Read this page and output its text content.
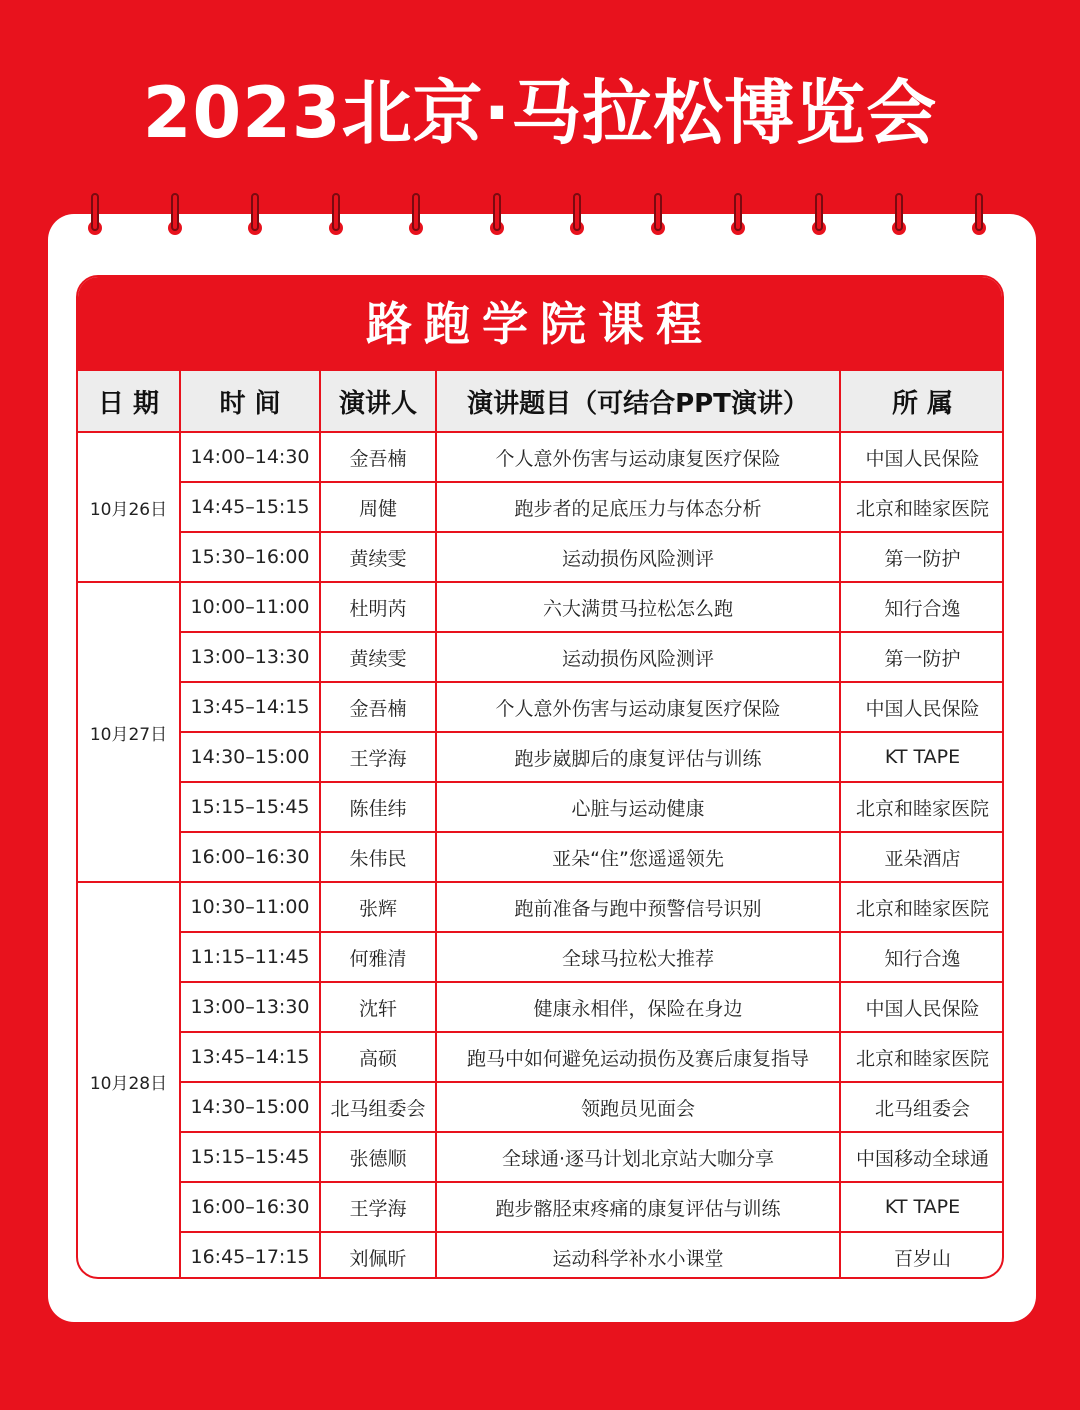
2023北京·马拉松博览会
路跑学院课程
日 期	时 间	演讲人	演讲题目（可结合PPT演讲）	所 属
10月26日	14:00–14:30	金吾楠	个人意外伤害与运动康复医疗保险	中国人民保险
	14:45–15:15	周健	跑步者的足底压力与体态分析	北京和睦家医院
	15:30–16:00	黄续雯	运动损伤风险测评	第一防护
10月27日	10:00–11:00	杜明芮	六大满贯马拉松怎么跑	知行合逸
	13:00–13:30	黄续雯	运动损伤风险测评	第一防护
	13:45–14:15	金吾楠	个人意外伤害与运动康复医疗保险	中国人民保险
	14:30–15:00	王学海	跑步崴脚后的康复评估与训练	KT TAPE
	15:15–15:45	陈佳纬	心脏与运动健康	北京和睦家医院
	16:00–16:30	朱伟民	亚朵“住”您遥遥领先	亚朵酒店
10月28日	10:30–11:00	张辉	跑前准备与跑中预警信号识别	北京和睦家医院
	11:15–11:45	何雅清	全球马拉松大推荐	知行合逸
	13:00–13:30	沈轩	健康永相伴，保险在身边	中国人民保险
	13:45–14:15	高硕	跑马中如何避免运动损伤及赛后康复指导	北京和睦家医院
	14:30–15:00	北马组委会	领跑员见面会	北马组委会
	15:15–15:45	张德顺	全球通·逐马计划北京站大咖分享	中国移动全球通
	16:00–16:30	王学海	跑步髂胫束疼痛的康复评估与训练	KT TAPE
	16:45–17:15	刘佩昕	运动科学补水小课堂	百岁山
